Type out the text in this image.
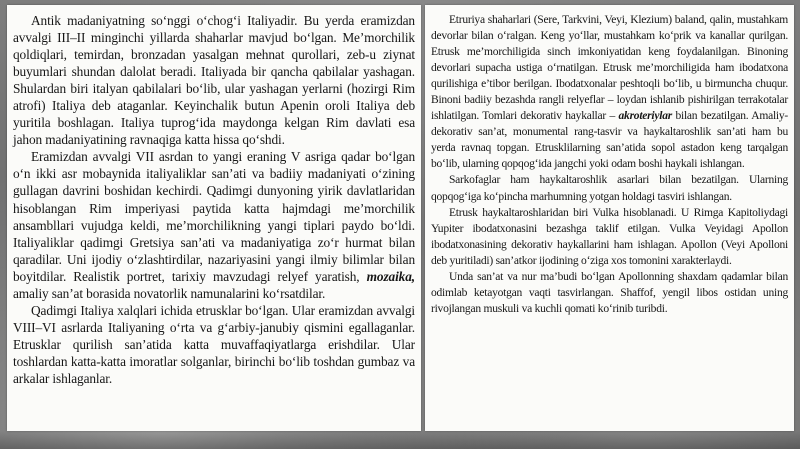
Antik madaniyatning so‘nggi o‘chog‘i Italiyadir. Bu yerda eramizdan avvalgi III–II minginchi yillarda shaharlar mavjud bo‘lgan. Me’morchilik qoldiqlari, temirdan, bronzadan yasalgan mehnat qurollari, zeb-u ziynat buyumlari shundan dalolat beradi. Italiyada bir qancha qabilalar yashagan. Shulardan biri italyan qabilalari bo‘lib, ular yashagan yerlarni (hozirgi Rim atrofi) Italiya deb ataganlar. Keyinchalik butun Apenin oroli Italiya deb yuritila boshlagan. Italiya tuprog‘ida maydonga kelgan Rim davlati esa jahon madaniyatining ravnaqiga katta hissa qo‘shdi.

Eramizdan avvalgi VII asrdan to yangi eraning V asriga qadar bo‘lgan o‘n ikki asr mobaynida italiyaliklar san’ati va badiiy madaniyati o‘zining gullagan davrini boshidan kechirdi. Qadimgi dunyoning yirik davlatlaridan hisoblangan Rim imperiyasi paytida katta hajmdagi me’morchilik ansambllari vujudga keldi, me’morchilikning yangi tiplari paydo bo‘ldi. Italiyaliklar qadimgi Gretsiya san’ati va madaniyatiga zo‘r hurmat bilan qaradilar. Uni ijodiy o‘zlashtirdilar, nazariyasini yangi ilmiy bilimlar bilan boyitdilar. Realistik portret, tarixiy mavzudagi relyef yaratish, mozaika, amaliy san’at borasida novatorlik namunalarini ko‘rsatdilar.

Qadimgi Italiya xalqlari ichida etrusklar bo‘lgan. Ular eramizdan avvalgi VIII–VI asrlarda Italiyaning o‘rta va g‘arbiy-janubiy qismini egallaganlar. Etrusklar qurilish san’atida katta muvaffaqiyatlarga erishdilar. Ular toshlardan katta-katta imoratlar solganlar, birinchi bo‘lib toshdan gumbaz va arkalar ishlaganlar.

Etruriya shaharlari (Sere, Tarkvini, Veyi, Klezium) baland, qalin, mustahkam devorlar bilan o‘ralgan. Keng yo‘llar, mustahkam ko‘prik va kanallar qurilgan. Etrusk me’morchiligida sinch imkoniyatidan keng foydalanilgan. Binoning devorlari supacha ustiga o‘rnatilgan. Etrusk me’morchiligida ham ibodatxona qurilishiga e’tibor berilgan. Ibodatxonalar peshtoqli bo‘lib, u birmuncha chuqur. Binoni badiiy bezashda rangli relyeflar – loydan ishlanib pishirilgan terrakotalar ishlatilgan. Tomlari dekorativ haykallar – akroteriylar bilan bezatilgan. Amaliy-dekorativ san’at, monumental rang-tasvir va haykaltaroshlik san’ati ham bu yerda ravnaq topgan. Etrusklilarning san’atida sopol astadon keng tarqalgan bo‘lib, ularning qopqog‘ida jangchi yoki odam boshi haykali ishlangan.

Sarkofaglar ham haykaltaroshlik asarlari bilan bezatilgan. Ularning qopqog‘iga ko‘pincha marhumning yotgan holdagi tasviri ishlangan.

Etrusk haykaltaroshlaridan biri Vulka hisoblanadi. U Rimga Kapitoliydagi Yupiter ibodatxonasini bezashga taklif etilgan. Vulka Veyidagi Apollon ibodatxonasining dekorativ haykallarini ham ishlagan. Apollon (Veyi Apolloni deb yuritiladi) san’atkor ijodining o‘ziga xos tomonini xarakterlaydi.

Unda san’at va nur ma’budi bo‘lgan Apollonning shaxdam qadamlar bilan odimlab ketayotgan vaqti tasvirlangan. Shaffof, yengil libos ostidan uning rivojlangan muskuli va kuchli qomati ko‘rinib turibdi.
